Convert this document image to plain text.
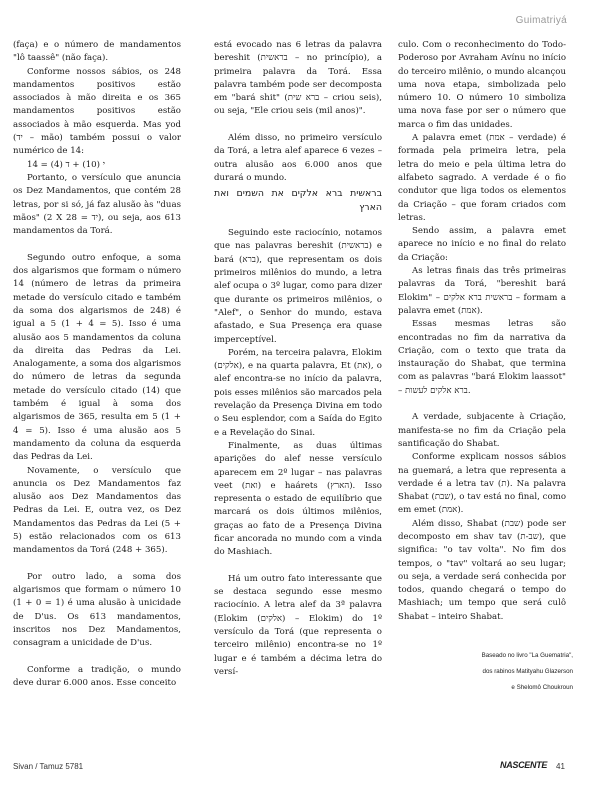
Guimatriyá

(faça) e o número de mandamentos "lô taassê" (não faça).

Conforme nossos sábios, os 248 mandamentos positivos estão associados à mão direita e os 365 mandamentos positivos estão associados à mão esquerda. Mas yod (יד – mão) também possui o valor numérico de 14:

י (10) + ד (4) = 14

Portanto, o versículo que anuncia os Dez Mandamentos, que contém 28 letras, por si só, já faz alusão às "duas mãos" (2 X יד = 28), ou seja, aos 613 mandamentos da Torá.

Segundo outro enfoque, a soma dos algarismos que formam o número 14 (número de letras da primeira metade do versículo citado e também da soma dos algarismos de 248) é igual a 5 (1 + 4 = 5). Isso é uma alusão aos 5 mandamentos da coluna da direita das Pedras da Lei. Analogamente, a soma dos algarismos do número de letras da segunda metade do versículo citado (14) que também é igual à soma dos algarismos de 365, resulta em 5 (1 + 4 = 5). Isso é uma alusão aos 5 mandamento da coluna da esquerda das Pedras da Lei.

Novamente, o versículo que anuncia os Dez Mandamentos faz alusão aos Dez Mandamentos das Pedras da Lei. E, outra vez, os Dez Mandamentos das Pedras da Lei (5 + 5) estão relacionados com os 613 mandamentos da Torá (248 + 365).

Por outro lado, a soma dos algarismos que formam o número 10 (1 + 0 = 1) é uma alusão à unicidade de D'us. Os 613 mandamentos, inscritos nos Dez Mandamentos, consagram a unicidade de D'us.

Conforme a tradição, o mundo deve durar 6.000 anos. Esse conceito

está evocado nas 6 letras da palavra bereshit (בראשית – no princípio), a primeira palavra da Torá. Essa palavra também pode ser decomposta em "bará shit" (ברא שית – criou seis), ou seja, "Ele criou seis (mil anos)".

Além disso, no primeiro versículo da Torá, a letra alef aparece 6 vezes – outra alusão aos 6.000 anos que durará o mundo.

בראשית ברא אלקים את השמים ואת הארץ

Seguindo este raciocínio, notamos que nas palavras bereshit (בראשית) e bará (ברא), que representam os dois primeiros milênios do mundo, a letra alef ocupa o 3º lugar, como para dizer que durante os primeiros milênios, o "Alef", o Senhor do mundo, estava afastado, e Sua Presença era quase imperceptível.

Porém, na terceira palavra, Elokim (אלקים), e na quarta palavra, Et (את), o alef encontra-se no início da palavra, pois esses milênios são marcados pela revelação da Presença Divina em todo o Seu esplendor, com a Saída do Egito e a Revelação do Sinai.

Finalmente, as duas últimas aparições do alef nesse versículo aparecem em 2º lugar – nas palavras veet (ואת) e haárets (הארץ). Isso representa o estado de equilíbrio que marcará os dois últimos milênios, graças ao fato de a Presença Divina ficar ancorada no mundo com a vinda do Mashiach.

Há um outro fato interessante que se destaca segundo esse mesmo raciocínio. A letra alef da 3ª palavra (Elokim (אלקים) – Elokim) do 1º versículo da Torá (que representa o terceiro milênio) encontra-se no 1º lugar e é também a décima letra do versí-

culo. Com o reconhecimento do Todo-Poderoso por Avraham Avínu no início do terceiro milênio, o mundo alcançou uma nova etapa, simbolizada pelo número 10. O número 10 simboliza uma nova fase por ser o número que marca o fim das unidades.

A palavra emet (אמת – verdade) é formada pela primeira letra, pela letra do meio e pela última letra do alfabeto sagrado. A verdade é o fio condutor que liga todos os elementos da Criação – que foram criados com letras.

Sendo assim, a palavra emet aparece no início e no final do relato da Criação:

As letras finais das três primeiras palavras da Torá, "bereshit bará Elokim" – בראשית ברא אלקים – formam a palavra emet (אמת).

Essas mesmas letras são encontradas no fim da narrativa da Criação, com o texto que trata da instauração do Shabat, que termina com as palavras "bará Elokim laassot" – ברא אלקים לעשות.

A verdade, subjacente à Criação, manifesta-se no fim da Criação pela santificação do Shabat.

Conforme explicam nossos sábios na guemará, a letra que representa a verdade é a letra tav (ת). Na palavra Shabat (שבת), o tav está no final, como em emet (אמת).

Além disso, Shabat (שבת) pode ser decomposto em shav tav (שב-ת), que significa: "o tav volta". No fim dos tempos, o "tav" voltará ao seu lugar; ou seja, a verdade será conhecida por todos, quando chegará o tempo do Mashiach; um tempo que será culô Shabat – inteiro Shabat.

Baseado no livro "La Guematria",
dos rabinos Matityahu Glazerson
e Shelomô Choukroun
Sivan / Tamuz 5781	NASCENTE 41
